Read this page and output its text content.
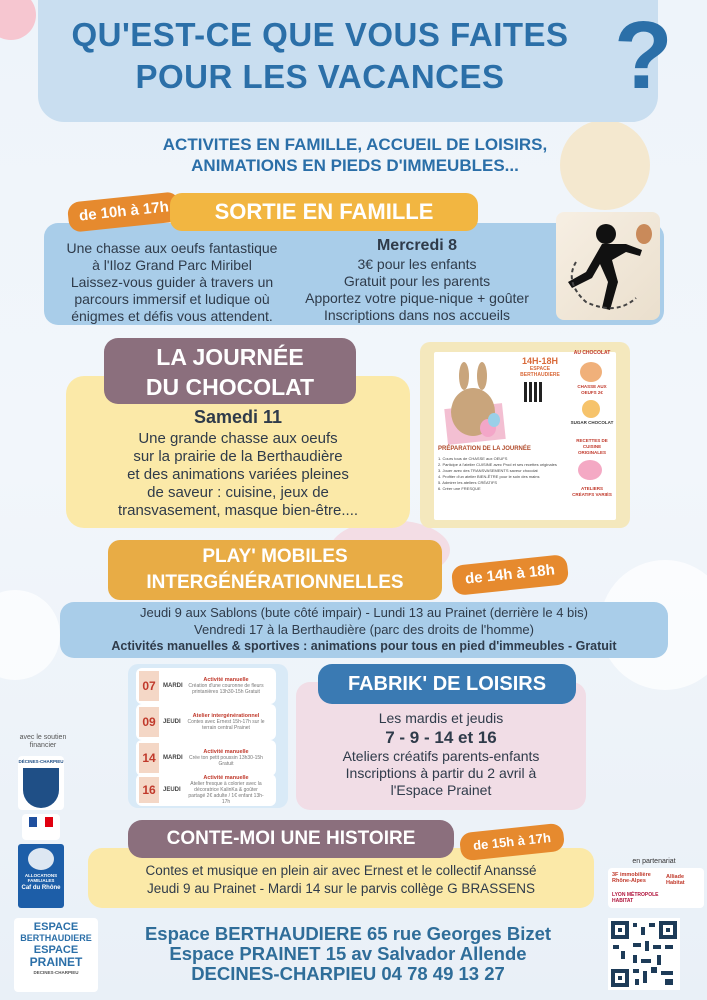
QU'EST-CE QUE VOUS FAITES
POUR LES VACANCES	?
ACTIVITES EN FAMILLE, ACCUEIL DE LOISIRS,
ANIMATIONS EN PIEDS D'IMMEUBLES...
de 10h à 17h	SORTIE EN FAMILLE
Une chasse aux oeufs fantastique
à l'Iloz Grand Parc Miribel
Laissez-vous guider à travers un
parcours immersif et ludique où
énigmes et défis vous attendent.
Mercredi 8
3€ pour les enfants
Gratuit pour les parents
Apportez votre pique-nique + goûter
Inscriptions dans nos accueils
LA JOURNÉE
DU CHOCOLAT
Samedi 11
Une grande chasse aux oeufs
sur la prairie de la Berthaudière
et des animations variées pleines
de saveur : cuisine, jeux de
transvasement, masque bien-être....
14H-18H
ESPACE BERTHAUDIERE
AU CHOCOLAT
CHASSE AUX OEUFS 2€
SUGAR CHOCOLAT
RECETTES DE CUISINE ORIGINALES
ATELIERS CRÉATIFS VARIÉS
PRÉPARATION DE LA JOURNÉE
1. Cours tous de CHASSE aux OEUFS
2. Participe à l'atelier CUISINE avec Prod et ses recettes originales
3. Jouer avec des TRANSVASEMENTS saveur chocolat
4. Profiter d'un atelier BIEN-ÊTRE pour le soin des mains
5. Admirer les ateliers CRÉATIFS
6. Créer une FRESQUE
PLAY' MOBILES
INTERGÉNÉRATIONNELLES	de 14h à 18h
Jeudi 9 aux Sablons (bute côté impair) - Lundi 13 au Prainet (derrière le 4 bis)
Vendredi 17 à la Berthaudière (parc des droits de l'homme)
Activités manuelles & sportives : animations pour tous en pied d'immeubles - Gratuit
07	MARDI
Activité manuelle
Création d'une couronne de fleurs printanières 13h30-15h Gratuit
09	JEUDI
Atelier intergénérationnel
Contes avec Ernest 15h-17h sur le terrain central Prainet
14	MARDI
Activité manuelle
Crée ton petit poussin 13h30-15h Gratuit
16	JEUDI
Activité manuelle
Atelier fresque à colorier avec la décoratrice KalinKa & goûter partagé 2€ adulte / 1€ enfant 13h-17h
FABRIK' DE LOISIRS
Les mardis et jeudis
7 - 9 - 14 et 16
Ateliers créatifs parents-enfants
Inscriptions à partir du 2 avril à
l'Espace Prainet
CONTE-MOI UNE HISTOIRE	de 15h à 17h
Contes et musique en plein air avec Ernest et le collectif Ananssé
Jeudi 9 au Prainet - Mardi 14 sur le parvis collège G BRASSENS
avec le soutien financier
DÉCINES-CHARPIEU
ALLOCATIONS FAMILIALES
Caf du Rhône
en partenariat
3F immobilière Rhône-Alpes
Alliade Habitat
LYON MÉTROPOLE HABITAT
ESPACE
BERTHAUDIERE
ESPACE
PRAINET
DECINES-CHARPIEU
Espace BERTHAUDIERE 65 rue Georges Bizet
Espace PRAINET 15 av Salvador Allende
DECINES-CHARPIEU 04 78 49 13 27
